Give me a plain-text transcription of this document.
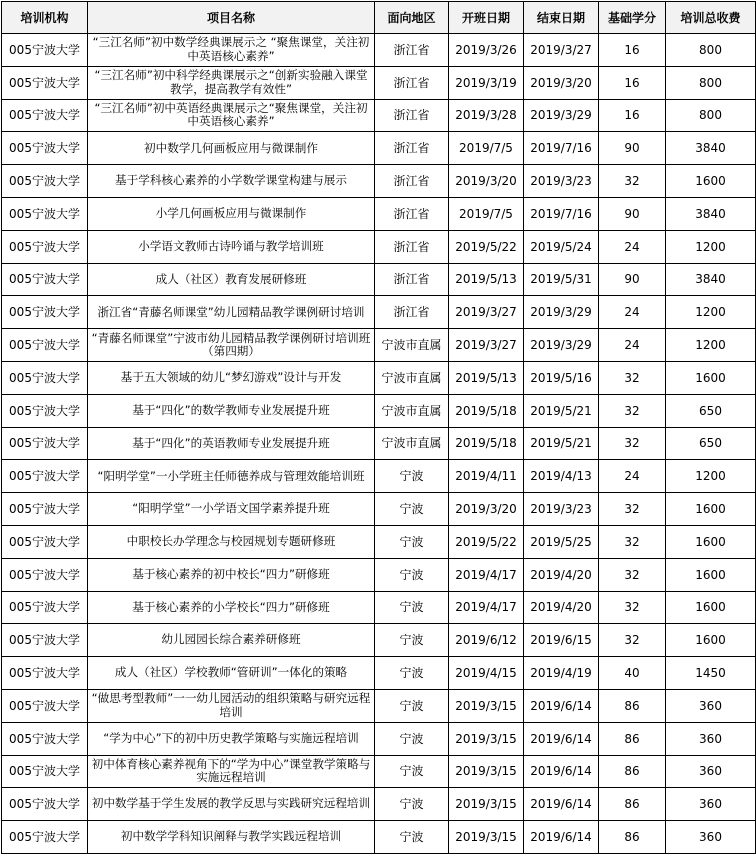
培训机构	项目名称	面向地区	开班日期	结束日期	基础学分	培训总收费
005宁波大学	“三江名师”初中数学经典课展示之 “聚焦课堂，关注初中英语核心素养”	浙江省	2019/3/26	2019/3/27	16	800
005宁波大学	“三江名师”初中科学经典课展示之“创新实验融入课堂教学，提高教学有效性”	浙江省	2019/3/19	2019/3/20	16	800
005宁波大学	“三江名师”初中英语经典课展示之“聚焦课堂，关注初中英语核心素养”	浙江省	2019/3/28	2019/3/29	16	800
005宁波大学	初中数学几何画板应用与微课制作	浙江省	2019/7/5	2019/7/16	90	3840
005宁波大学	基于学科核心素养的小学数学课堂构建与展示	浙江省	2019/3/20	2019/3/23	32	1600
005宁波大学	小学几何画板应用与微课制作	浙江省	2019/7/5	2019/7/16	90	3840
005宁波大学	小学语文教师古诗吟诵与教学培训班	浙江省	2019/5/22	2019/5/24	24	1200
005宁波大学	成人（社区）教育发展研修班	浙江省	2019/5/13	2019/5/31	90	3840
005宁波大学	浙江省“青藤名师课堂”幼儿园精品教学课例研讨培训	浙江省	2019/3/27	2019/3/29	24	1200
005宁波大学	“青藤名师课堂”宁波市幼儿园精品教学课例研讨培训班（第四期）	宁波市直属	2019/3/27	2019/3/29	24	1200
005宁波大学	基于五大领域的幼儿“梦幻游戏”设计与开发	宁波市直属	2019/5/13	2019/5/16	32	1600
005宁波大学	基于“四化”的数学教师专业发展提升班	宁波市直属	2019/5/18	2019/5/21	32	650
005宁波大学	基于“四化”的英语教师专业发展提升班	宁波市直属	2019/5/18	2019/5/21	32	650
005宁波大学	“阳明学堂”一小学班主任师德养成与管理效能培训班	宁波	2019/4/11	2019/4/13	24	1200
005宁波大学	“阳明学堂”一小学语文国学素养提升班	宁波	2019/3/20	2019/3/23	32	1600
005宁波大学	中职校长办学理念与校园规划专题研修班	宁波	2019/5/22	2019/5/25	32	1600
005宁波大学	基于核心素养的初中校长“四力”研修班	宁波	2019/4/17	2019/4/20	32	1600
005宁波大学	基于核心素养的小学校长“四力”研修班	宁波	2019/4/17	2019/4/20	32	1600
005宁波大学	幼儿园园长综合素养研修班	宁波	2019/6/12	2019/6/15	32	1600
005宁波大学	成人（社区）学校教师“管研训”一体化的策略	宁波	2019/4/15	2019/4/19	40	1450
005宁波大学	“做思考型教师”一一幼儿园活动的组织策略与研究远程培训	宁波	2019/3/15	2019/6/14	86	360
005宁波大学	“学为中心”下的初中历史教学策略与实施远程培训	宁波	2019/3/15	2019/6/14	86	360
005宁波大学	初中体育核心素养视角下的“学为中心”课堂教学策略与实施远程培训	宁波	2019/3/15	2019/6/14	86	360
005宁波大学	初中数学基于学生发展的教学反思与实践研究远程培训	宁波	2019/3/15	2019/6/14	86	360
005宁波大学	初中数学学科知识阐释与教学实践远程培训	宁波	2019/3/15	2019/6/14	86	360
